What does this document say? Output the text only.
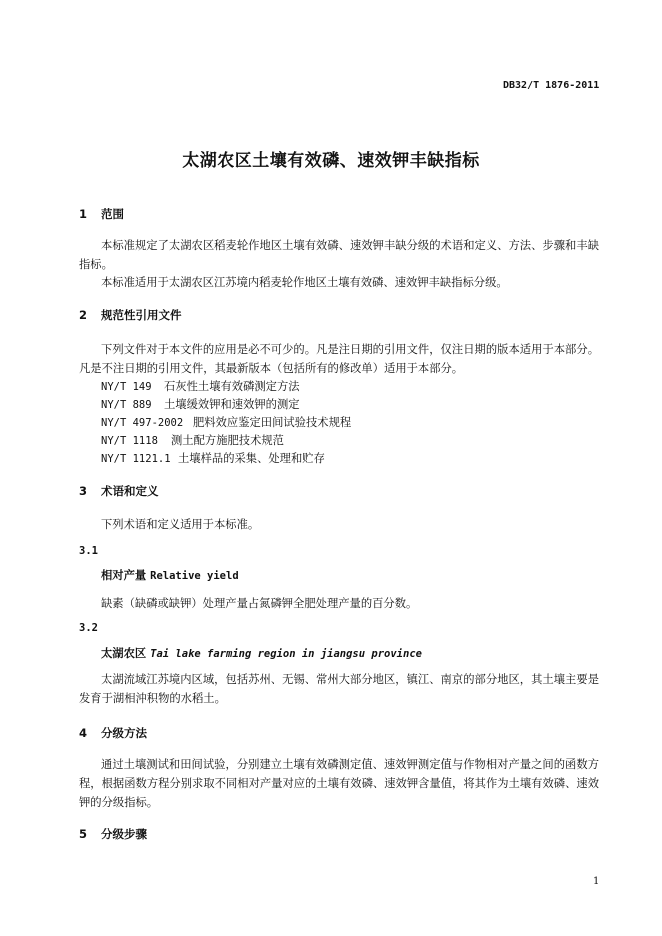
DB32/T 1876-2011
太湖农区土壤有效磷、速效钾丰缺指标
1 范围
本标准规定了太湖农区稻麦轮作地区土壤有效磷、速效钾丰缺分级的术语和定义、方法、步骤和丰缺指标。
本标准适用于太湖农区江苏境内稻麦轮作地区土壤有效磷、速效钾丰缺指标分级。
2 规范性引用文件
下列文件对于本文件的应用是必不可少的。凡是注日期的引用文件，仅注日期的版本适用于本部分。凡是不注日期的引用文件，其最新版本（包括所有的修改单）适用于本部分。
NY/T 149 石灰性土壤有效磷测定方法
NY/T 889 土壤缓效钾和速效钾的测定
NY/T 497-2002 肥料效应鉴定田间试验技术规程
NY/T 1118 测土配方施肥技术规范
NY/T 1121.1 土壤样品的采集、处理和贮存
3 术语和定义
下列术语和定义适用于本标准。
3.1
相对产量 Relative yield
缺素（缺磷或缺钾）处理产量占氮磷钾全肥处理产量的百分数。
3.2
太湖农区 Tai lake farming region in jiangsu province
太湖流域江苏境内区域，包括苏州、无锡、常州大部分地区，镇江、南京的部分地区，其土壤主要是发育于湖相沖积物的水稻土。
4 分级方法
通过土壤测试和田间试验，分别建立土壤有效磷测定值、速效钾测定值与作物相对产量之间的函数方程，根据函数方程分别求取不同相对产量对应的土壤有效磷、速效钾含量值，将其作为土壤有效磷、速效钾的分级指标。
5 分级步骤
1
